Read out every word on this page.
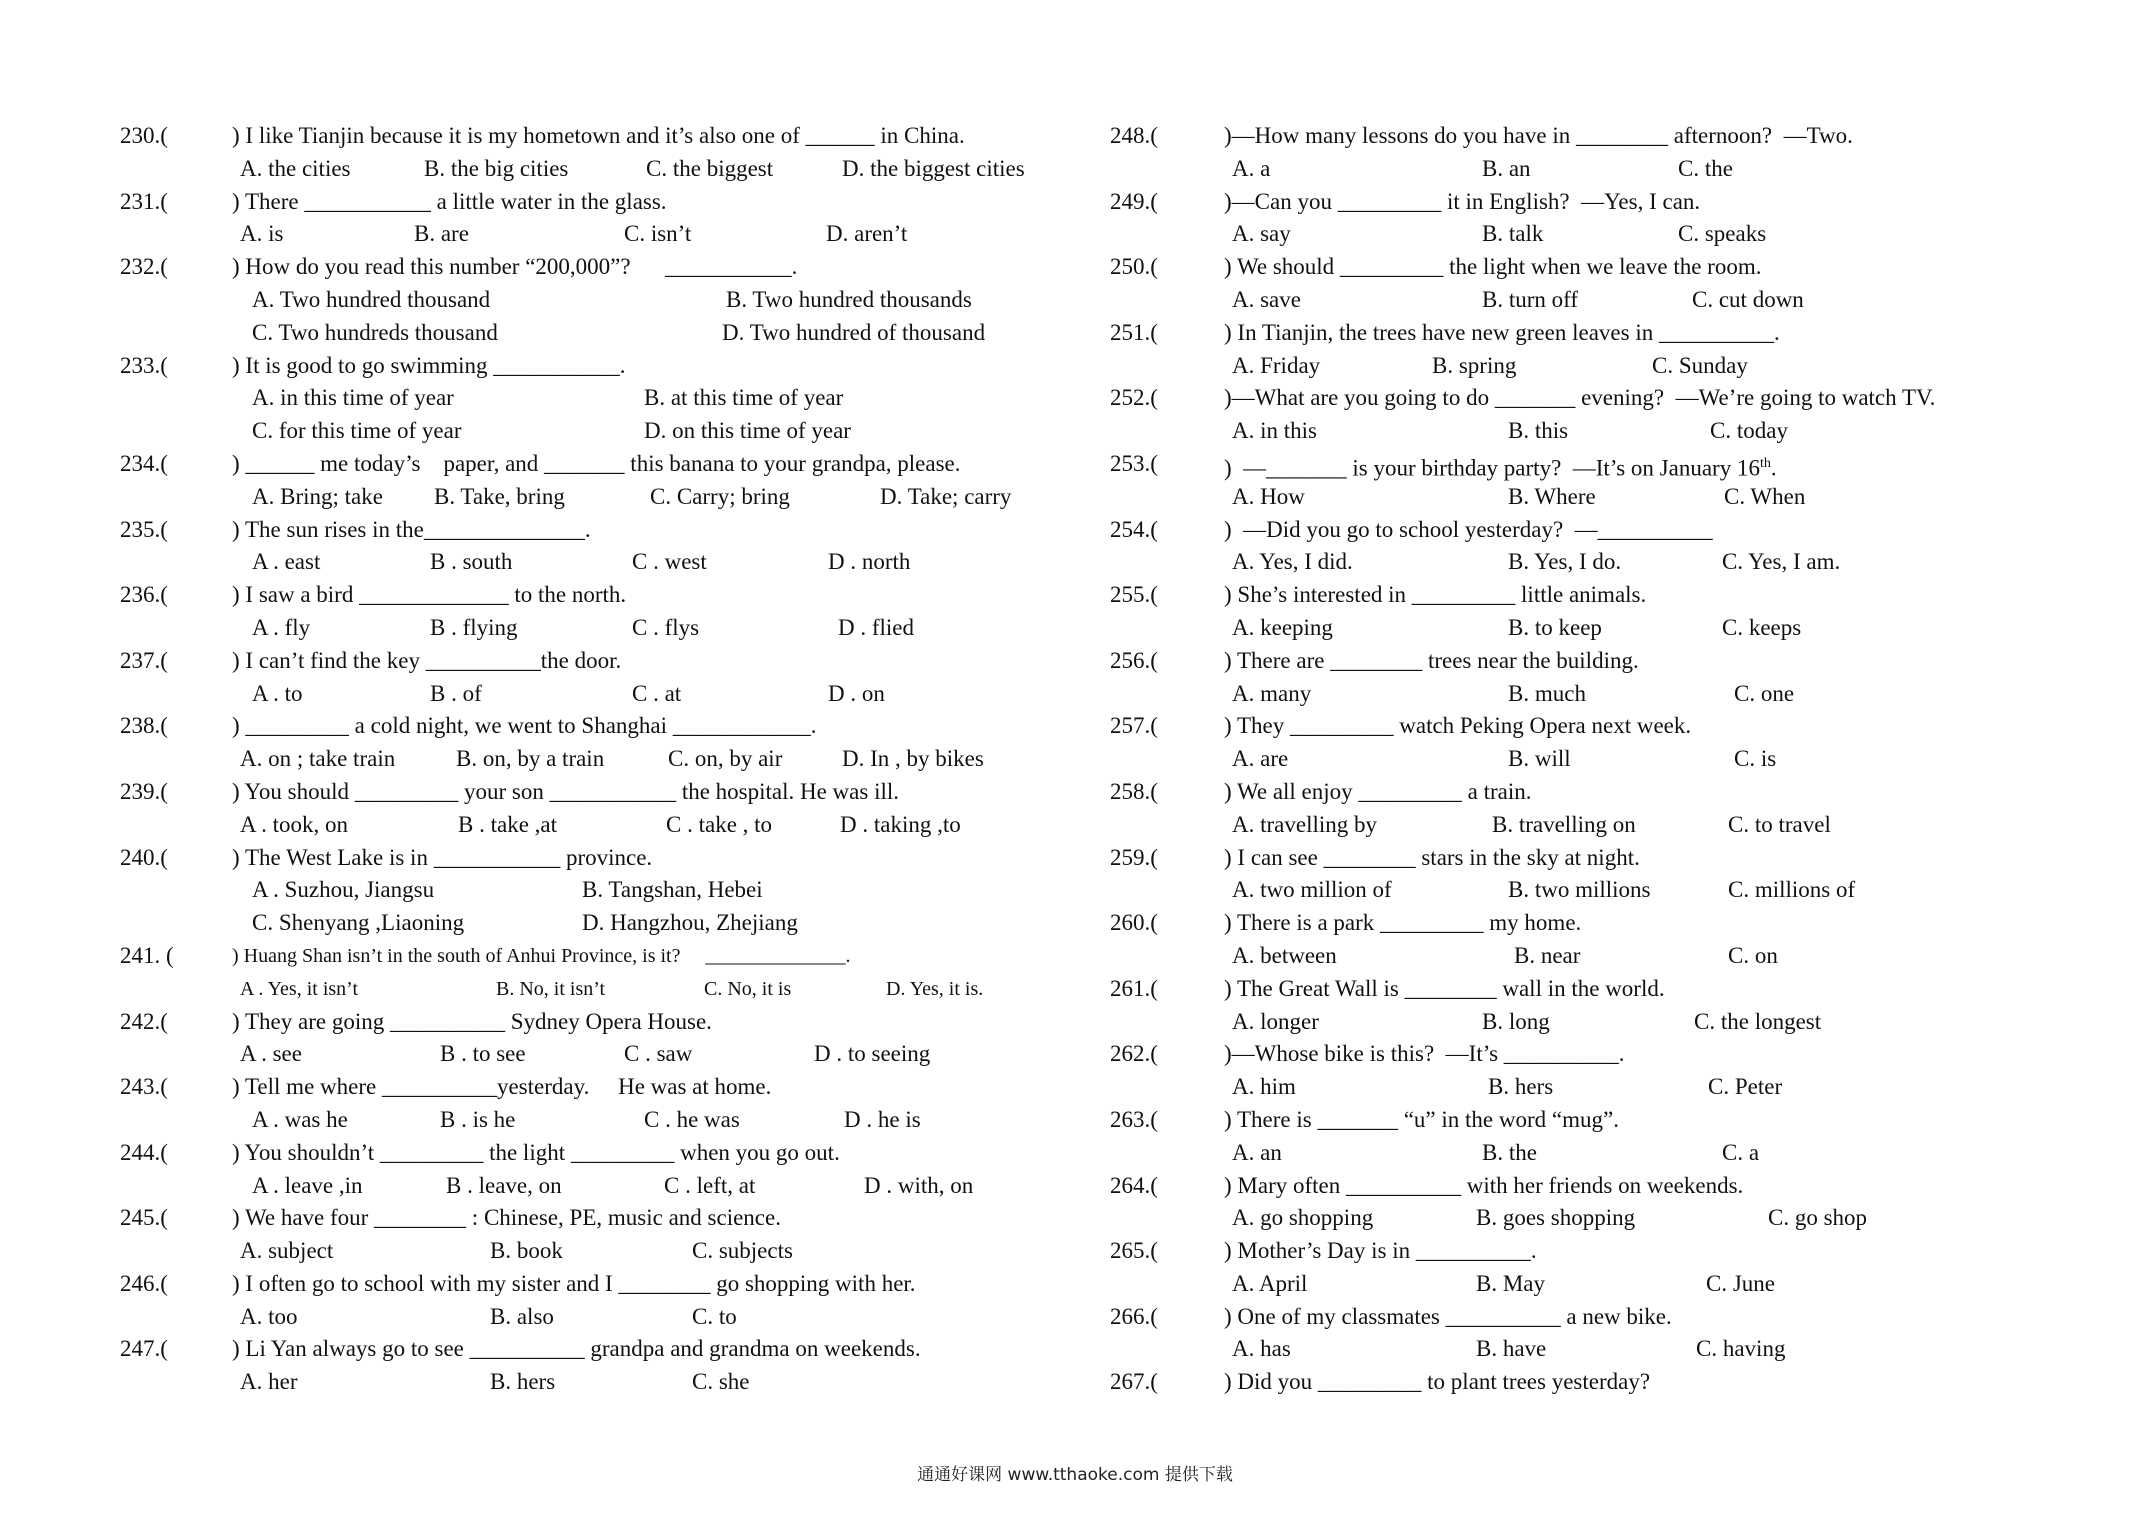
230.(	) I like Tianjin because it is my hometown and it’s also one of ______ in China.
A. the cities	B. the big cities	C. the biggest	D. the biggest cities
231.(	) There ___________ a little water in the glass.
A. is	B. are	C. isn’t	D. aren’t
232.(	) How do you read this number “200,000”?      ___________.
A. Two hundred thousand	B. Two hundred thousands
C. Two hundreds thousand	D. Two hundred of thousand
233.(	) It is good to go swimming ___________.
A. in this time of year	B. at this time of year
C. for this time of year	D. on this time of year
234.(	) ______ me today’s    paper, and _______ this banana to your grandpa, please.
A. Bring; take B. Take, bring	C. Carry; bring	D. Take; carry
235.(	) The sun rises in the______________.
A . east	B . south	C . west	D . north
236.(	) I saw a bird _____________ to the north.
A . fly	B . flying	C . flys	D . flied
237.(	) I can’t find the key __________the door.
A . to	B . of	C . at	D . on
238.(	) _________ a cold night, we went to Shanghai ____________.
A. on ; take train	B. on, by a train	C. on, by air	D. In , by bikes
239.(	) You should _________ your son ___________ the hospital. He was ill.
A . took, on	B . take ,at	C . take , to	D . taking ,to
240.(	) The West Lake is in ___________ province.
A . Suzhou, Jiangsu	B. Tangshan, Hebei
C. Shenyang ,Liaoning	D. Hangzhou, Zhejiang
241. (	) Huang Shan isn’t in the south of Anhui Province, is it?     ______________.
A . Yes, it isn’t	B. No, it isn’t	C. No, it is	D. Yes, it is.
242.(	) They are going __________ Sydney Opera House.
A . see	B . to see	C . saw	D . to seeing
243.(	) Tell me where __________yesterday.     He was at home.
A . was he	B . is he	C . he was	D . he is
244.(	) You shouldn’t _________ the light _________ when you go out.
A . leave ,in	B . leave, on	C . left, at	D . with, on
245.(	) We have four ________ : Chinese, PE, music and science.
A. subject	B. book	C. subjects
246.(	) I often go to school with my sister and I ________ go shopping with her.
A. too	B. also	C. to
247.(	) Li Yan always go to see __________ grandpa and grandma on weekends.
A. her	B. hers	C. she
248.(	)—How many lessons do you have in ________ afternoon?  —Two.
A. a	B. an	C. the
249.(	)—Can you _________ it in English?  —Yes, I can.
A. say	B. talk	C. speaks
250.(	) We should _________ the light when we leave the room.
A. save	B. turn off	C. cut down
251.(	) In Tianjin, the trees have new green leaves in __________.
A. Friday	B. spring	C. Sunday
252.(	)—What are you going to do _______ evening?  —We’re going to watch TV.
A. in this	B. this	C. today
253.(	)  —_______ is your birthday party?  —It’s on January 16th.
A. How	B. Where	C. When
254.(	)  —Did you go to school yesterday?  —__________
A. Yes, I did.	B. Yes, I do.	C. Yes, I am.
255.(	) She’s interested in _________ little animals.
A. keeping	B. to keep	C. keeps
256.(	) There are ________ trees near the building.
A. many	B. much	C. one
257.(	) They _________ watch Peking Opera next week.
A. are	B. will	C. is
258.(	) We all enjoy _________ a train.
A. travelling by	B. travelling on	C. to travel
259.(	) I can see ________ stars in the sky at night.
A. two million of	B. two millions	C. millions of
260.(	) There is a park _________ my home.
A. between	B. near	C. on
261.(	) The Great Wall is ________ wall in the world.
A. longer	B. long	C. the longest
262.(	)—Whose bike is this?  —It’s __________.
A. him	B. hers	C. Peter
263.(	) There is _______ “u” in the word “mug”.
A. an	B. the	C. a
264.(	) Mary often __________ with her friends on weekends.
A. go shopping	B. goes shopping	C. go shop
265.(	) Mother’s Day is in __________.
A. April	B. May	C. June
266.(	) One of my classmates __________ a new bike.
A. has	B. have	C. having
267.(	) Did you _________ to plant trees yesterday?
通通好课网 www.tthaoke.com 提供下载
